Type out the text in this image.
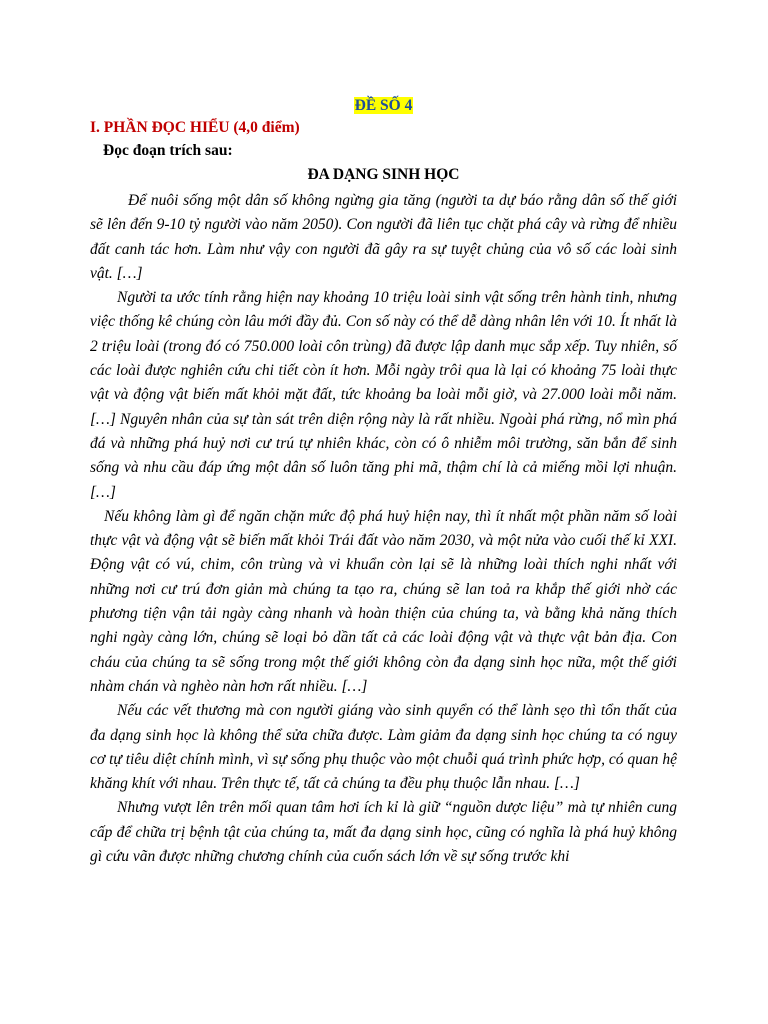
ĐỀ SỐ 4
I. PHẦN ĐỌC HIỂU (4,0 điểm)
Đọc đoạn trích sau:
ĐA DẠNG SINH HỌC

Để nuôi sống một dân số không ngừng gia tăng (người ta dự báo rằng dân số thế giới sẽ lên đến 9-10 tỷ người vào năm 2050). Con người đã liên tục chặt phá cây và rừng để nhiều đất canh tác hơn. Làm như vậy con người đã gây ra sự tuyệt chủng của vô số các loài sinh vật. […]

Người ta ước tính rằng hiện nay khoảng 10 triệu loài sinh vật sống trên hành tinh, nhưng việc thống kê chúng còn lâu mới đầy đủ. Con số này có thể dễ dàng nhân lên với 10. Ít nhất là 2 triệu loài (trong đó có 750.000 loài côn trùng) đã được lập danh mục sắp xếp. Tuy nhiên, số các loài được nghiên cứu chi tiết còn ít hơn. Mỗi ngày trôi qua là lại có khoảng 75 loài thực vật và động vật biến mất khỏi mặt đất, tức khoảng ba loài mỗi giờ, và 27.000 loài mỗi năm.[…] Nguyên nhân của sự tàn sát trên diện rộng này là rất nhiều. Ngoài phá rừng, nổ mìn phá đá và những phá huỷ nơi cư trú tự nhiên khác, còn có ô nhiễm môi trường, săn bắn để sinh sống và nhu cầu đáp ứng một dân số luôn tăng phi mã, thậm chí là cả miếng mồi lợi nhuận. […]

Nếu không làm gì để ngăn chặn mức độ phá huỷ hiện nay, thì ít nhất một phần năm số loài thực vật và động vật sẽ biến mất khỏi Trái đất vào năm 2030, và một nửa vào cuối thế kỉ XXI. Động vật có vú, chim, côn trùng và vi khuẩn còn lại sẽ là những loài thích nghi nhất với những nơi cư trú đơn giản mà chúng ta tạo ra, chúng sẽ lan toả ra khắp thế giới nhờ các phương tiện vận tải ngày càng nhanh và hoàn thiện của chúng ta, và bằng khả năng thích nghi ngày càng lớn, chúng sẽ loại bỏ dần tất cả các loài động vật và thực vật bản địa. Con cháu của chúng ta sẽ sống trong một thế giới không còn đa dạng sinh học nữa, một thế giới nhàm chán và nghèo nàn hơn rất nhiều. […]

Nếu các vết thương mà con người giáng vào sinh quyển có thể lành sẹo thì tổn thất của đa dạng sinh học là không thể sửa chữa được. Làm giảm đa dạng sinh học chúng ta có nguy cơ tự tiêu diệt chính mình, vì sự sống phụ thuộc vào một chuỗi quá trình phức hợp, có quan hệ khăng khít với nhau. Trên thực tế, tất cả chúng ta đều phụ thuộc lẫn nhau. […]

Nhưng vượt lên trên mối quan tâm hơi ích kỉ là giữ “nguồn dược liệu” mà tự nhiên cung cấp để chữa trị bệnh tật của chúng ta, mất đa dạng sinh học, cũng có nghĩa là phá huỷ không gì cứu vãn được những chương chính của cuốn sách lớn về sự sống trước khi
